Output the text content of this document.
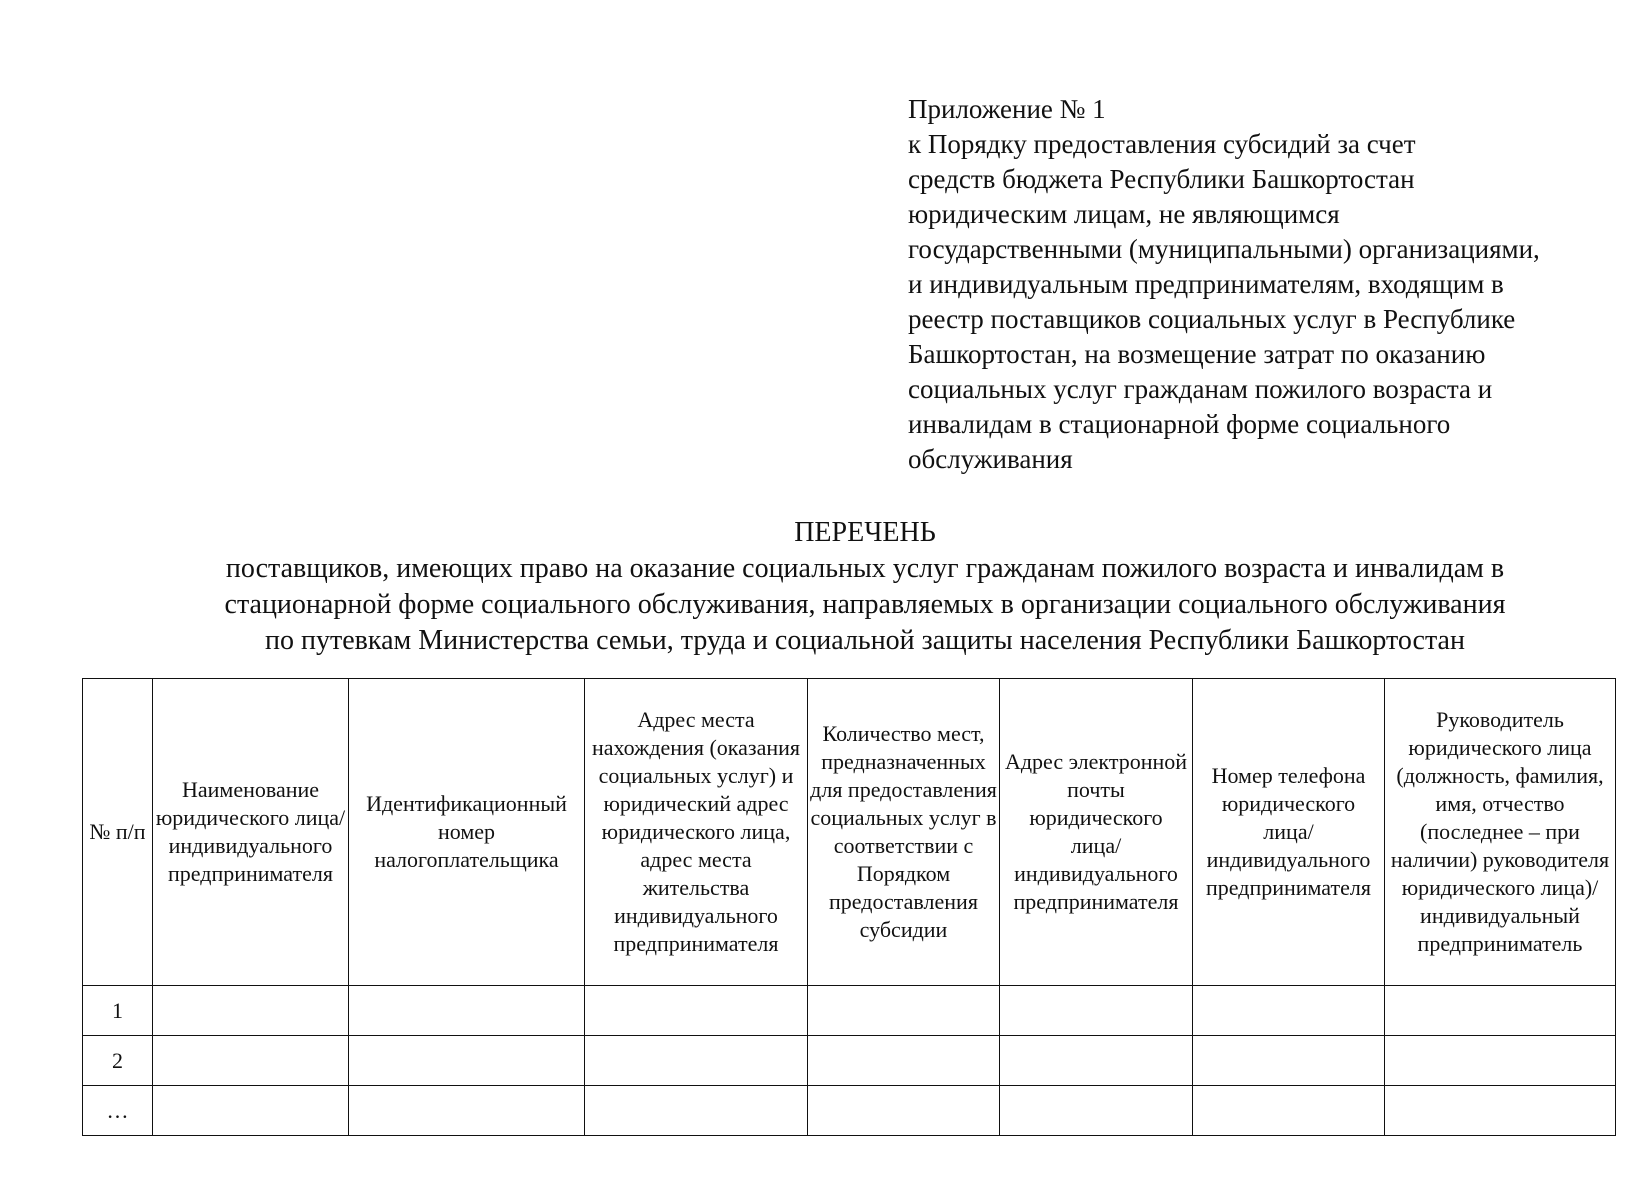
Приложение № 1
к Порядку предоставления субсидий за счет
средств бюджета Республики Башкортостан
юридическим лицам, не являющимся
государственными (муниципальными) организациями,
и индивидуальным предпринимателям, входящим в
реестр поставщиков социальных услуг в Республике
Башкортостан, на возмещение затрат по оказанию
социальных услуг гражданам пожилого возраста и
инвалидам в стационарной форме социального
обслуживания
ПЕРЕЧЕНЬ
поставщиков, имеющих право на оказание социальных услуг гражданам пожилого возраста и инвалидам в
стационарной форме социального обслуживания, направляемых в организации социального обслуживания
по путевкам Министерства семьи, труда и социальной защиты населения Республики Башкортостан
№ п/п	Наименование юридического лица/ индивидуального предпринимателя	Идентификационный номер налогоплательщика	Адрес места нахождения (оказания социальных услуг) и юридический адрес юридического лица, адрес места жительства индивидуального предпринимателя	Количество мест, предназначенных для предоставления социальных услуг в соответствии с Порядком предоставления субсидии	Адрес электронной почты юридического лица/ индивидуального предпринимателя	Номер телефона юридического лица/ индивидуального предпринимателя	Руководитель юридического лица (должность, фамилия, имя, отчество (последнее – при наличии) руководителя юридического лица)/ индивидуальный предприниматель

1							
2							
…							
